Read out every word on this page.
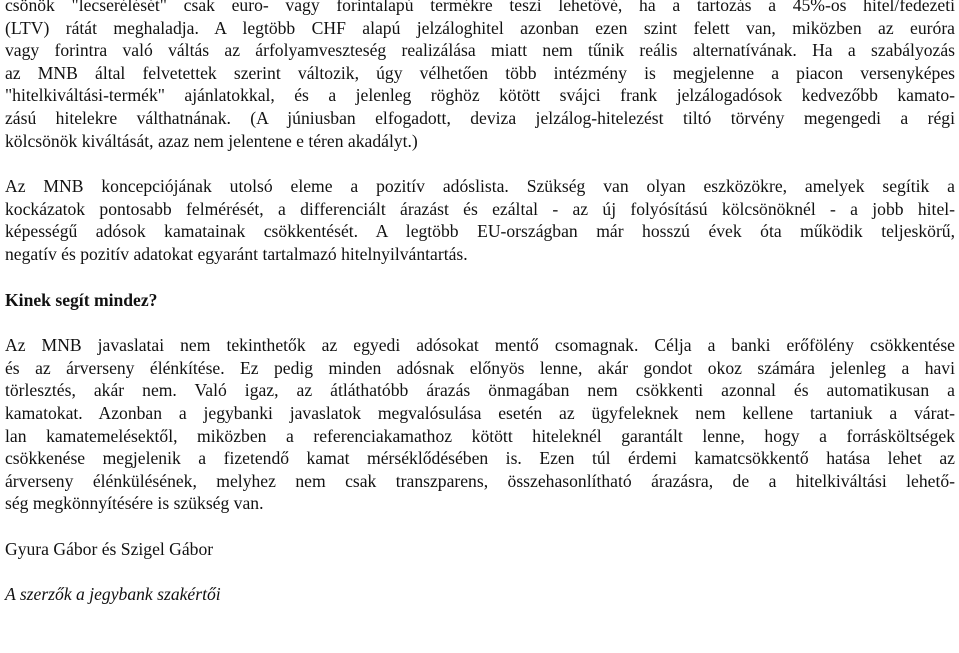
csönök "lecserélését" csak euro- vagy forintalapú termékre teszi lehetővé, ha a tartozás a 45%-os hitel/fedezeti
(LTV) rátát meghaladja. A legtöbb CHF alapú jelzáloghitel azonban ezen szint felett van, miközben az euróra
vagy forintra való váltás az árfolyamveszteség realizálása miatt nem tűnik reális alternatívának. Ha a szabályozás
az MNB által felvetettek szerint változik, úgy vélhetően több intézmény is megjelenne a piacon versenyképes
"hitelkiváltási-termék" ajánlatokkal, és a jelenleg röghöz kötött svájci frank jelzálogadósok kedvezőbb kamato-
zású hitelekre válthatnának. (A júniusban elfogadott, deviza jelzálog-hitelezést tiltó törvény megengedi a régi
kölcsönök kiváltását, azaz nem jelentene e téren akadályt.)
Az MNB koncepciójának utolsó eleme a pozitív adóslista. Szükség van olyan eszközökre, amelyek segítik a
kockázatok pontosabb felmérését, a differenciált árazást és ezáltal - az új folyósítású kölcsönöknél - a jobb hitel-
képességű adósok kamatainak csökkentését. A legtöbb EU-országban már hosszú évek óta működik teljeskörű,
negatív és pozitív adatokat egyaránt tartalmazó hitelnyilvántartás.
Kinek segít mindez?
Az MNB javaslatai nem tekinthetők az egyedi adósokat mentő csomagnak. Célja a banki erőfölény csökkentése
és az árverseny élénkítése. Ez pedig minden adósnak előnyös lenne, akár gondot okoz számára jelenleg a havi
törlesztés, akár nem. Való igaz, az átláthatóbb árazás önmagában nem csökkenti azonnal és automatikusan a
kamatokat. Azonban a jegybanki javaslatok megvalósulása esetén az ügyfeleknek nem kellene tartaniuk a várat-
lan kamatemelésektől, miközben a referenciakamathoz kötött hiteleknél garantált lenne, hogy a forrásköltségek
csökkenése megjelenik a fizetendő kamat mérséklődésében is. Ezen túl érdemi kamatcsökkentő hatása lehet az
árverseny élénkülésének, melyhez nem csak transzparens, összehasonlítható árazásra, de a hitelkiváltási lehető-
ség megkönnyítésére is szükség van.
Gyura Gábor és Szigel Gábor
A szerzők a jegybank szakértői
